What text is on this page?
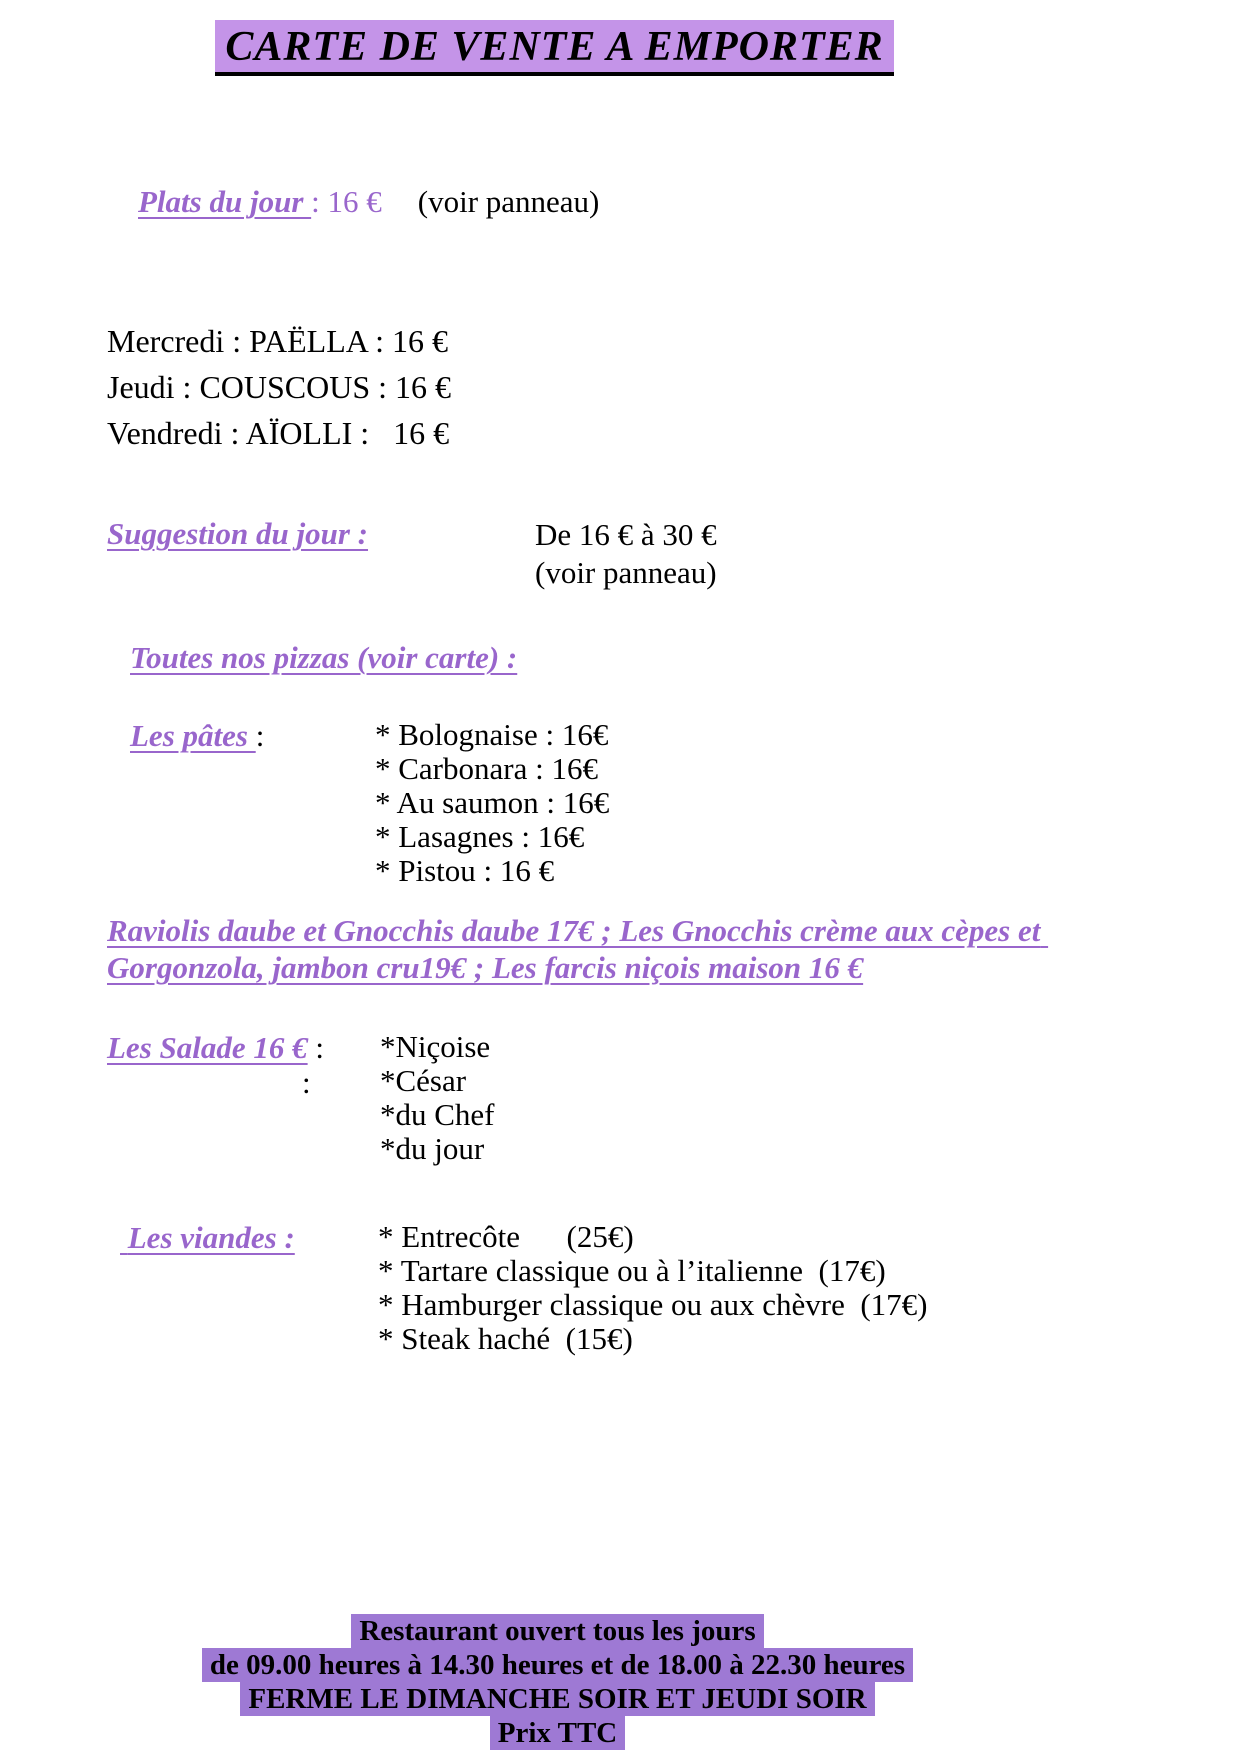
CARTE DE VENTE A EMPORTER

Plats du jour : 16 € (voir panneau)

Mercredi : PAËLLA : 16 €
Jeudi : COUSCOUS : 16 €
Vendredi : AÏOLLI :   16 €
Suggestion du jour :	De 16 € à 30 €
(voir panneau)
Toutes nos pizzas (voir carte) :
Les pâtes :	* Bolognaise : 16€
* Carbonara : 16€
* Au saumon : 16€
* Lasagnes : 16€
* Pistou : 16 €
Raviolis daube et Gnocchis daube 17€ ; Les Gnocchis crème aux cèpes et Gorgonzola, jambon cru19€ ; Les farcis niçois maison 16 €
Les Salade 16 € :
:
*Niçoise
*César
*du Chef
*du jour
Les viandes :	* Entrecôte      (25€)
* Tartare classique ou à l’italienne  (17€)
* Hamburger classique ou aux chèvre  (17€)
* Steak haché  (15€)
Restaurant ouvert tous les jours
de 09.00 heures à 14.30 heures et de 18.00 à 22.30 heures
FERME LE DIMANCHE SOIR ET JEUDI SOIR
Prix TTC
